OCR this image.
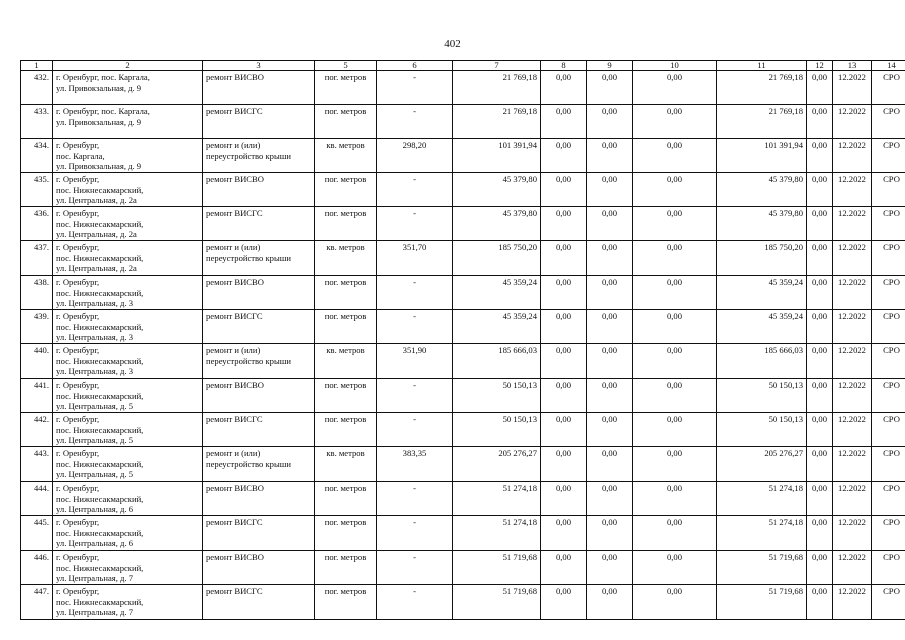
402
1	2	3	5	6	7	8	9	10	11	12	13	14
432.	г. Оренбург, пос. Каргала,
ул. Привокзальная, д. 9	ремонт ВИСВО	пог. метров	-	21 769,18	0,00	0,00	0,00	21 769,18	0,00	12.2022	СРО
433.	г. Оренбург, пос. Каргала,
ул. Привокзальная, д. 9	ремонт ВИСГС	пог. метров	-	21 769,18	0,00	0,00	0,00	21 769,18	0,00	12.2022	СРО
434.	г. Оренбург,
пос. Каргала,
ул. Привокзальная, д. 9	ремонт и (или)
переустройство крыши	кв. метров	298,20	101 391,94	0,00	0,00	0,00	101 391,94	0,00	12.2022	СРО
435.	г. Оренбург,
пос. Нижнесакмарский,
ул. Центральная, д. 2а	ремонт ВИСВО	пог. метров	-	45 379,80	0,00	0,00	0,00	45 379,80	0,00	12.2022	СРО
436.	г. Оренбург,
пос. Нижнесакмарский,
ул. Центральная, д. 2а	ремонт ВИСГС	пог. метров	-	45 379,80	0,00	0,00	0,00	45 379,80	0,00	12.2022	СРО
437.	г. Оренбург,
пос. Нижнесакмарский,
ул. Центральная, д. 2а	ремонт и (или)
переустройство крыши	кв. метров	351,70	185 750,20	0,00	0,00	0,00	185 750,20	0,00	12.2022	СРО
438.	г. Оренбург,
пос. Нижнесакмарский,
ул. Центральная, д. 3	ремонт ВИСВО	пог. метров	-	45 359,24	0,00	0,00	0,00	45 359,24	0,00	12.2022	СРО
439.	г. Оренбург,
пос. Нижнесакмарский,
ул. Центральная, д. 3	ремонт ВИСГС	пог. метров	-	45 359,24	0,00	0,00	0,00	45 359,24	0,00	12.2022	СРО
440.	г. Оренбург,
пос. Нижнесакмарский,
ул. Центральная, д. 3	ремонт и (или)
переустройство крыши	кв. метров	351,90	185 666,03	0,00	0,00	0,00	185 666,03	0,00	12.2022	СРО
441.	г. Оренбург,
пос. Нижнесакмарский,
ул. Центральная, д. 5	ремонт ВИСВО	пог. метров	-	50 150,13	0,00	0,00	0,00	50 150,13	0,00	12.2022	СРО
442.	г. Оренбург,
пос. Нижнесакмарский,
ул. Центральная, д. 5	ремонт ВИСГС	пог. метров	-	50 150,13	0,00	0,00	0,00	50 150,13	0,00	12.2022	СРО
443.	г. Оренбург,
пос. Нижнесакмарский,
ул. Центральная, д. 5	ремонт и (или)
переустройство крыши	кв. метров	383,35	205 276,27	0,00	0,00	0,00	205 276,27	0,00	12.2022	СРО
444.	г. Оренбург,
пос. Нижнесакмарский,
ул. Центральная, д. 6	ремонт ВИСВО	пог. метров	-	51 274,18	0,00	0,00	0,00	51 274,18	0,00	12.2022	СРО
445.	г. Оренбург,
пос. Нижнесакмарский,
ул. Центральная, д. 6	ремонт ВИСГС	пог. метров	-	51 274,18	0,00	0,00	0,00	51 274,18	0,00	12.2022	СРО
446.	г. Оренбург,
пос. Нижнесакмарский,
ул. Центральная, д. 7	ремонт ВИСВО	пог. метров	-	51 719,68	0,00	0,00	0,00	51 719,68	0,00	12.2022	СРО
447.	г. Оренбург,
пос. Нижнесакмарский,
ул. Центральная, д. 7	ремонт ВИСГС	пог. метров	-	51 719,68	0,00	0,00	0,00	51 719,68	0,00	12.2022	СРО
